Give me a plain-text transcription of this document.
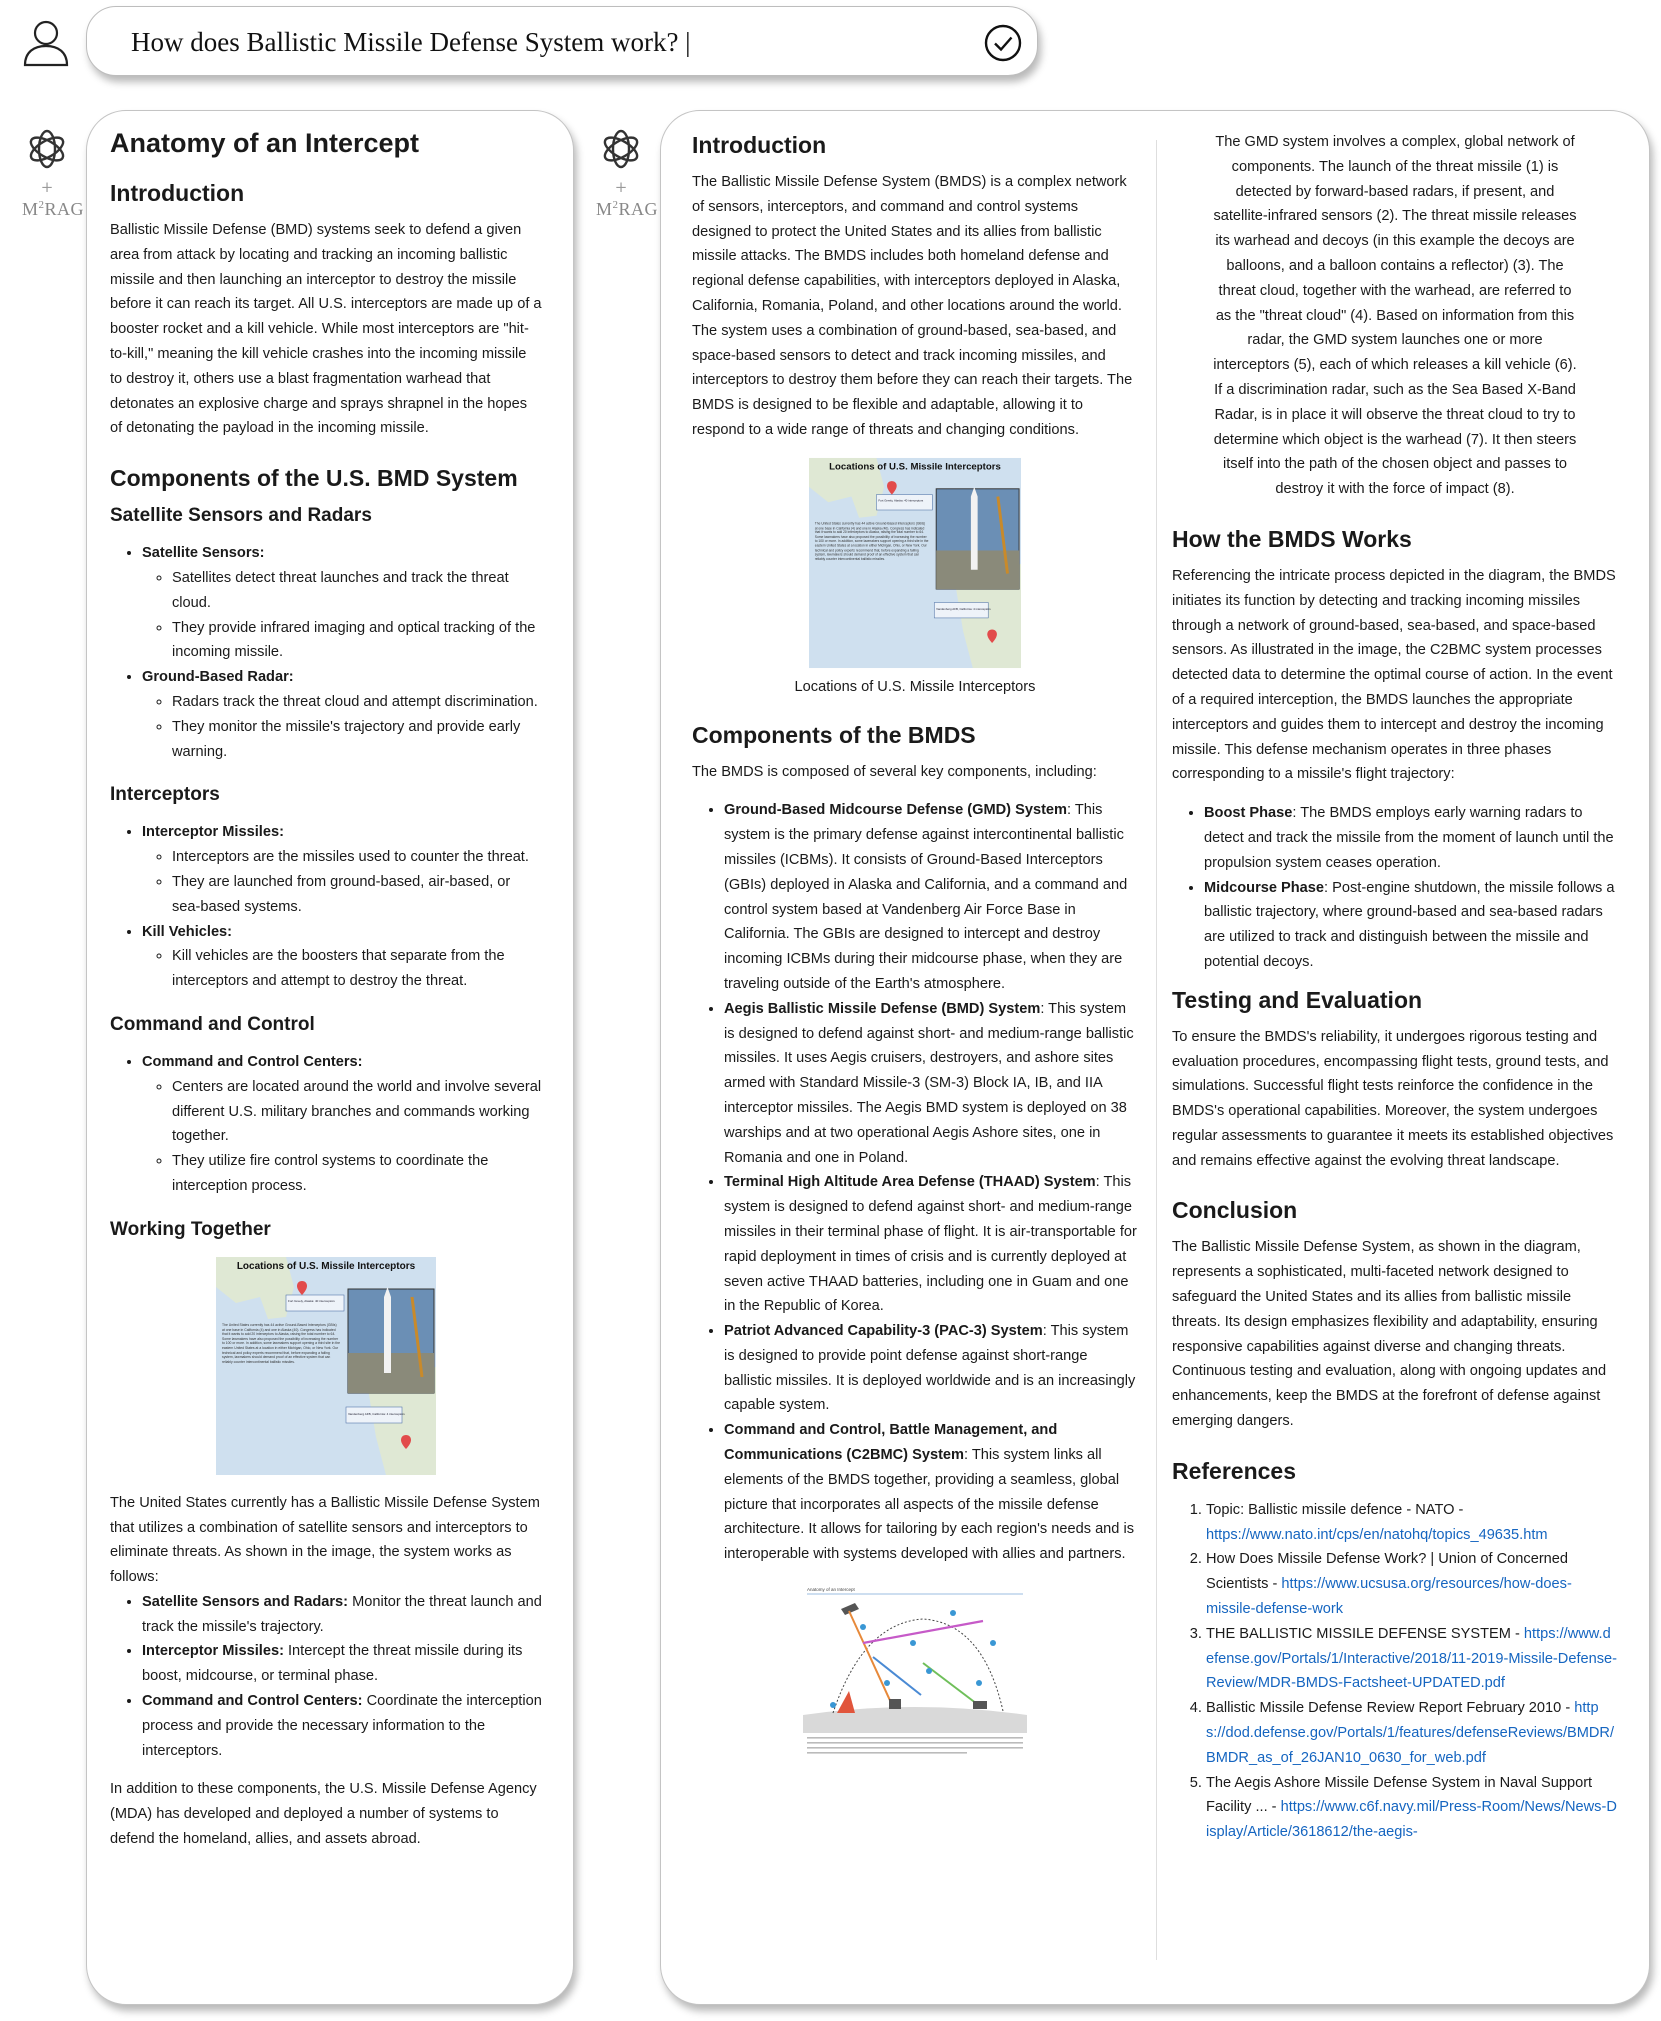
How does Ballistic Missile Defense System work? |
+
$M^2RAG$
+
$M^2RAG$
Anatomy of an Intercept
Introduction

Ballistic Missile Defense (BMD) systems seek to defend a given area from attack by locating and tracking an incoming ballistic missile and then launching an interceptor to destroy the missile before it can reach its target. All U.S. interceptors are made up of a booster rocket and a kill vehicle. While most interceptors are "hit-to-kill," meaning the kill vehicle crashes into the incoming missile to destroy it, others use a blast fragmentation warhead that detonates an explosive charge and sprays shrapnel in the hopes of detonating the payload in the incoming missile.

Components of the U.S. BMD System
Satellite Sensors and Radars
• Satellite Sensors:
◦ Satellites detect threat launches and track the threat cloud.
◦ They provide infrared imaging and optical tracking of the incoming missile.
• Ground-Based Radar:
◦ Radars track the threat cloud and attempt discrimination.
◦ They monitor the missile's trajectory and provide early warning.
Interceptors
• Interceptor Missiles:
◦ Interceptors are the missiles used to counter the threat.
◦ They are launched from ground-based, air-based, or sea-based systems.
• Kill Vehicles:
◦ Kill vehicles are the boosters that separate from the interceptors and attempt to destroy the threat.
Command and Control
• Command and Control Centers:
◦ Centers are located around the world and involve several different U.S. military branches and commands working together.
◦ They utilize fire control systems to coordinate the interception process.
Working Together
Locations of U.S. Missile Interceptors
Fort Greely, Alaska: 40 interceptors
Vandenberg AFB, California: 4 interceptors
The United States currently has 44 active Ground-Based Interceptors (GBIs) at one base in California (4) and one in Alaska (40). Congress has indicated that it wants to add 20 interceptors to Alaska, raising the total number to 64. Some lawmakers have also proposed the possibility of increasing the number to 100 or more. In addition, some lawmakers support opening a third site in the eastern United States at a location in either Michigan, Ohio, or New York. Our technical and policy experts recommend that, before expanding a failing system, lawmakers should demand proof of an effective system that can reliably counter intercontinental ballistic missiles.

The United States currently has a Ballistic Missile Defense System that utilizes a combination of satellite sensors and interceptors to eliminate threats. As shown in the image, the system works as follows:

• Satellite Sensors and Radars: Monitor the threat launch and track the missile's trajectory.
• Interceptor Missiles: Intercept the threat missile during its boost, midcourse, or terminal phase.
• Command and Control Centers: Coordinate the interception process and provide the necessary information to the interceptors.

In addition to these components, the U.S. Missile Defense Agency (MDA) has developed and deployed a number of systems to defend the homeland, allies, and assets abroad.

Introduction

The Ballistic Missile Defense System (BMDS) is a complex network of sensors, interceptors, and command and control systems designed to protect the United States and its allies from ballistic missile attacks. The BMDS includes both homeland defense and regional defense capabilities, with interceptors deployed in Alaska, California, Romania, Poland, and other locations around the world. The system uses a combination of ground-based, sea-based, and space-based sensors to detect and track incoming missiles, and interceptors to destroy them before they can reach their targets. The BMDS is designed to be flexible and adaptable, allowing it to respond to a wide range of threats and changing conditions.

Locations of U.S. Missile Interceptors
Fort Greely, Alaska: 40 interceptors
Vandenberg AFB, California: 4 interceptors
The United States currently has 44 active Ground-Based Interceptors (GBIs) at one base in California (4) and one in Alaska (40). Congress has indicated that it wants to add 20 interceptors to Alaska, raising the total number to 64. Some lawmakers have also proposed the possibility of increasing the number to 100 or more. In addition, some lawmakers support opening a third site in the eastern United States at a location in either Michigan, Ohio, or New York. Our technical and policy experts recommend that, before expanding a failing system, lawmakers should demand proof of an effective system that can reliably counter intercontinental ballistic missiles.

Locations of U.S. Missile Interceptors

Components of the BMDS

The BMDS is composed of several key components, including:

• Ground-Based Midcourse Defense (GMD) System: This system is the primary defense against intercontinental ballistic missiles (ICBMs). It consists of Ground-Based Interceptors (GBIs) deployed in Alaska and California, and a command and control system based at Vandenberg Air Force Base in California. The GBIs are designed to intercept and destroy incoming ICBMs during their midcourse phase, when they are traveling outside of the Earth's atmosphere.
• Aegis Ballistic Missile Defense (BMD) System: This system is designed to defend against short- and medium-range ballistic missiles. It uses Aegis cruisers, destroyers, and ashore sites armed with Standard Missile-3 (SM-3) Block IA, IB, and IIA interceptor missiles. The Aegis BMD system is deployed on 38 warships and at two operational Aegis Ashore sites, one in Romania and one in Poland.
• Terminal High Altitude Area Defense (THAAD) System: This system is designed to defend against short- and medium-range missiles in their terminal phase of flight. It is air-transportable for rapid deployment in times of crisis and is currently deployed at seven active THAAD batteries, including one in Guam and one in the Republic of Korea.
• Patriot Advanced Capability-3 (PAC-3) System: This system is designed to provide point defense against short-range ballistic missiles. It is deployed worldwide and is an increasingly capable system.
• Command and Control, Battle Management, and Communications (C2BMC) System: This system links all elements of the BMDS together, providing a seamless, global picture that incorporates all aspects of the missile defense architecture. It allows for tailoring by each region's needs and is interoperable with systems developed with allies and partners.
Anatomy of an Intercept

The GMD system involves a complex, global network of components. The launch of the threat missile (1) is detected by forward-based radars, if present, and satellite-infrared sensors (2). The threat missile releases its warhead and decoys (in this example the decoys are balloons, and a balloon contains a reflector) (3). The threat cloud, together with the warhead, are referred to as the "threat cloud" (4). Based on information from this radar, the GMD system launches one or more interceptors (5), each of which releases a kill vehicle (6). If a discrimination radar, such as the Sea Based X-Band Radar, is in place it will observe the threat cloud to try to determine which object is the warhead (7). It then steers itself into the path of the chosen object and passes to destroy it with the force of impact (8).

How the BMDS Works

Referencing the intricate process depicted in the diagram, the BMDS initiates its function by detecting and tracking incoming missiles through a network of ground-based, sea-based, and space-based sensors. As illustrated in the image, the C2BMC system processes detected data to determine the optimal course of action. In the event of a required interception, the BMDS launches the appropriate interceptors and guides them to intercept and destroy the incoming missile. This defense mechanism operates in three phases corresponding to a missile's flight trajectory:

• Boost Phase: The BMDS employs early warning radars to detect and track the missile from the moment of launch until the propulsion system ceases operation.
• Midcourse Phase: Post-engine shutdown, the missile follows a ballistic trajectory, where ground-based and sea-based radars are utilized to track and distinguish between the missile and potential decoys.
Testing and Evaluation

To ensure the BMDS's reliability, it undergoes rigorous testing and evaluation procedures, encompassing flight tests, ground tests, and simulations. Successful flight tests reinforce the confidence in the BMDS's operational capabilities. Moreover, the system undergoes regular assessments to guarantee it meets its established objectives and remains effective against the evolving threat landscape.

Conclusion

The Ballistic Missile Defense System, as shown in the diagram, represents a sophisticated, multi-faceted network designed to safeguard the United States and its allies from ballistic missile threats. Its design emphasizes flexibility and adaptability, ensuring responsive capabilities against diverse and changing threats. Continuous testing and evaluation, along with ongoing updates and enhancements, keep the BMDS at the forefront of defense against emerging dangers.

References
1. Topic: Ballistic missile defence - NATO - https://www.nato.int/cps/en/natohq/topics_49635.htm
2. How Does Missile Defense Work? | Union of Concerned Scientists - https://www.ucsusa.org/resources/how-does-missile-defense-work
3. THE BALLISTIC MISSILE DEFENSE SYSTEM - https://www.defense.gov/Portals/1/Interactive/2018/11-2019-Missile-Defense-Review/MDR-BMDS-Factsheet-UPDATED.pdf
4. Ballistic Missile Defense Review Report February 2010 - https://dod.defense.gov/Portals/1/features/defenseReviews/BMDR/BMDR_as_of_26JAN10_0630_for_web.pdf
5. The Aegis Ashore Missile Defense System in Naval Support Facility ... - https://www.c6f.navy.mil/Press-Room/News/News-Display/Article/3618612/the-aegis-
